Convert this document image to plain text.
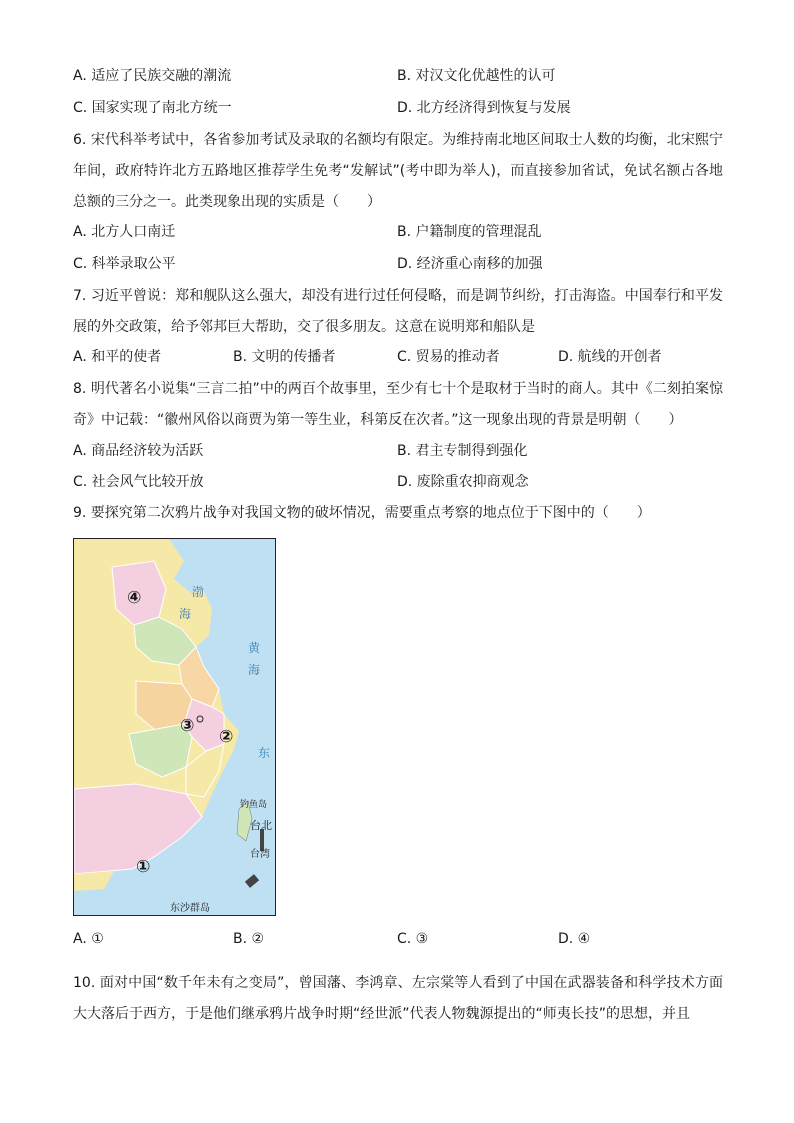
A. 适应了民族交融的潮流	B. 对汉文化优越性的认可
C. 国家实现了南北方统一	D. 北方经济得到恢复与发展
6. 宋代科举考试中，各省参加考试及录取的名额均有限定。为维持南北地区间取士人数的均衡，北宋熙宁年间，政府特许北方五路地区推荐学生免考“发解试”(考中即为举人)，而直接参加省试，免试名额占各地总额的三分之一。此类现象出现的实质是（　　）
A. 北方人口南迁	B. 户籍制度的管理混乱
C. 科举录取公平	D. 经济重心南移的加强
7. 习近平曾说：郑和舰队这么强大，却没有进行过任何侵略，而是调节纠纷，打击海盗。中国奉行和平发展的外交政策，给予邻邦巨大帮助，交了很多朋友。这意在说明郑和船队是
A. 和平的使者	B. 文明的传播者	C. 贸易的推动者	D. 航线的开创者
8. 明代著名小说集“三言二拍”中的两百个故事里，至少有七十个是取材于当时的商人。其中《二刻拍案惊奇》中记载：“徽州风俗以商贾为第一等生业，科第反在次者。”这一现象出现的背景是明朝（　　）
A. 商品经济较为活跃	B. 君主专制得到强化
C. 社会风气比较开放	D. 废除重农抑商观念
9. 要探究第二次鸦片战争对我国文物的破坏情况，需要重点考察的地点位于下图中的（　　）
渤
海
黄
海
东
钓鱼岛
台北
台湾
东沙群岛
④
③
②
①
A. ①	B. ②	C. ③	D. ④
10. 面对中国“数千年未有之变局”，曾国藩、李鸿章、左宗棠等人看到了中国在武器装备和科学技术方面大大落后于西方，于是他们继承鸦片战争时期“经世派”代表人物魏源提出的“师夷长技”的思想，并且
